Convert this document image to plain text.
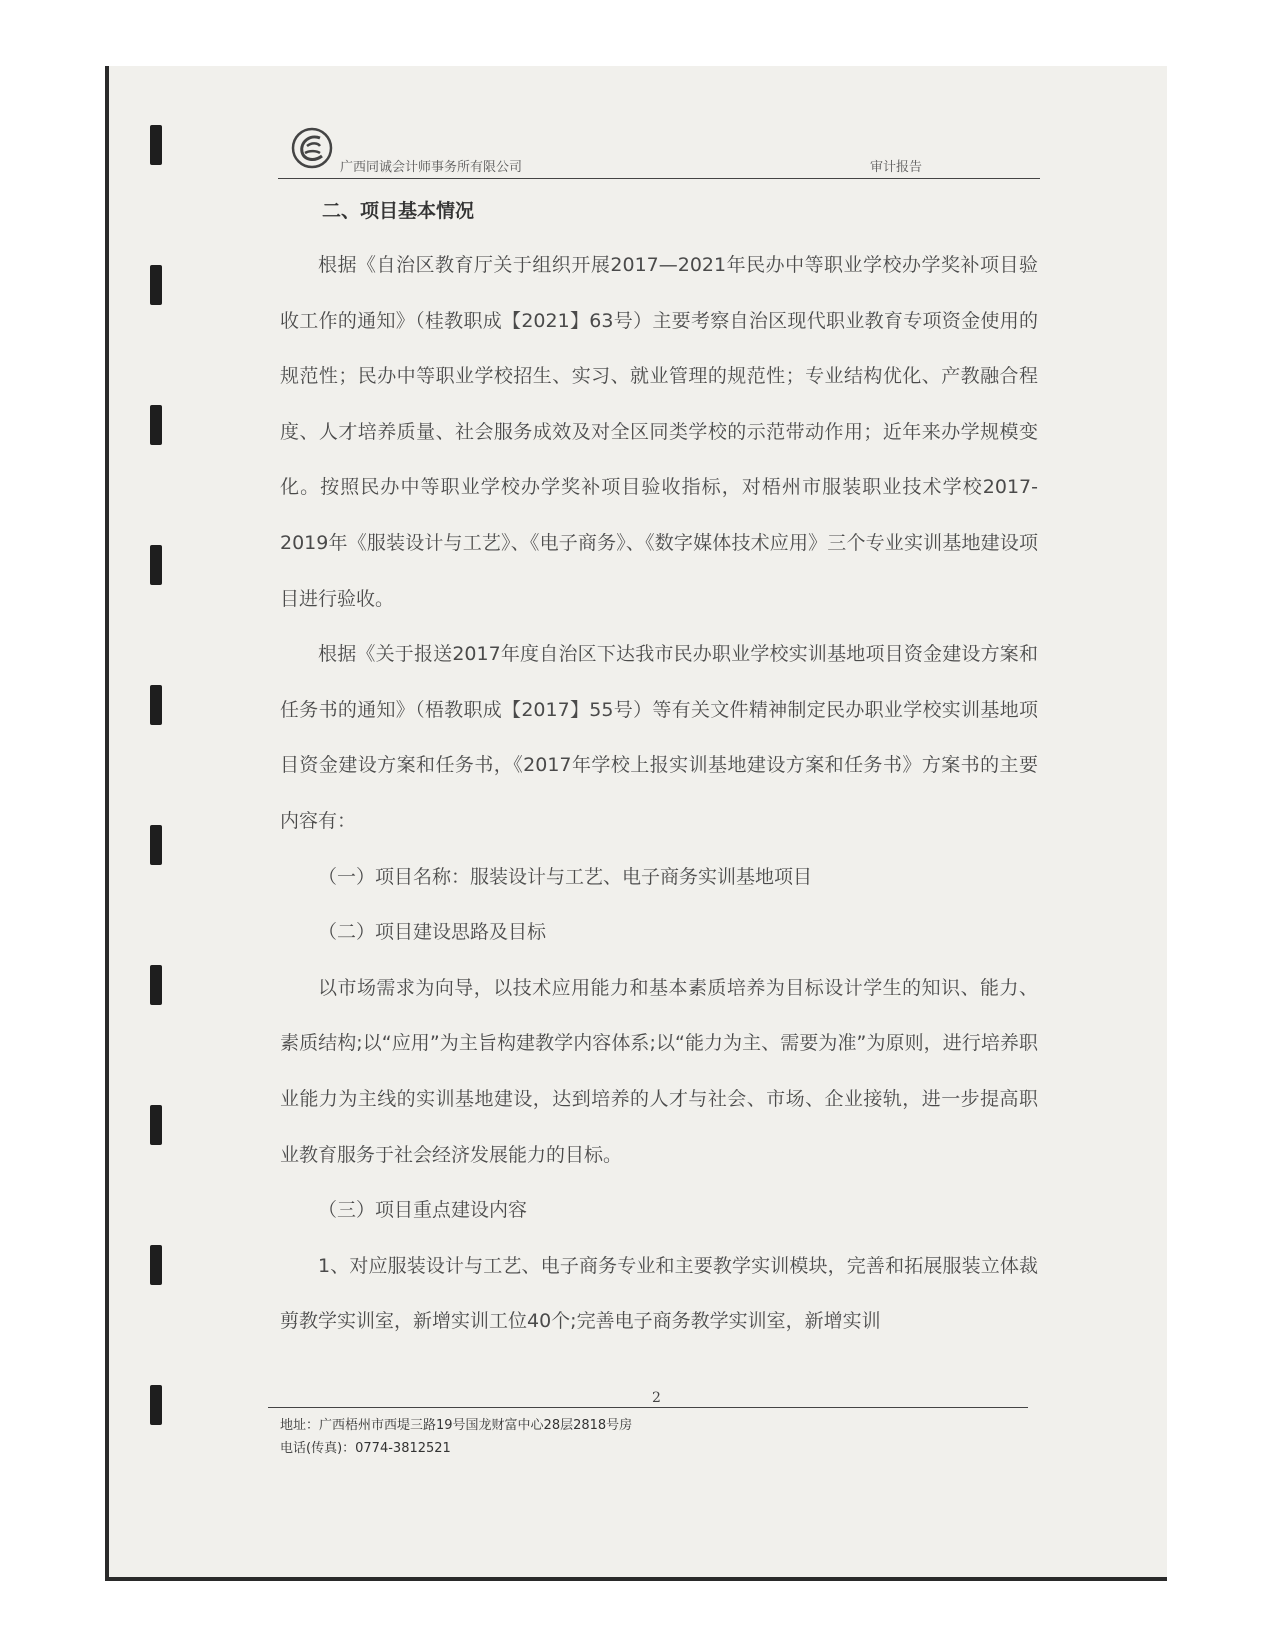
广西同诚会计师事务所有限公司	审计报告
二、项目基本情况

根据《自治区教育厅关于组织开展2017—2021年民办中等职业学校办学奖补项目验收工作的通知》（桂教职成【2021】63号）主要考察自治区现代职业教育专项资金使用的规范性；民办中等职业学校招生、实习、就业管理的规范性；专业结构优化、产教融合程度、人才培养质量、社会服务成效及对全区同类学校的示范带动作用；近年来办学规模变化。按照民办中等职业学校办学奖补项目验收指标，对梧州市服装职业技术学校2017-2019年《服装设计与工艺》、《电子商务》、《数字媒体技术应用》三个专业实训基地建设项目进行验收。

根据《关于报送2017年度自治区下达我市民办职业学校实训基地项目资金建设方案和任务书的通知》（梧教职成【2017】55号）等有关文件精神制定民办职业学校实训基地项目资金建设方案和任务书，《2017年学校上报实训基地建设方案和任务书》方案书的主要内容有：

（一）项目名称：服装设计与工艺、电子商务实训基地项目

（二）项目建设思路及目标

以市场需求为向导，以技术应用能力和基本素质培养为目标设计学生的知识、能力、素质结构;以“应用”为主旨构建教学内容体系;以“能力为主、需要为准”为原则，进行培养职业能力为主线的实训基地建设，达到培养的人才与社会、市场、企业接轨，进一步提高职业教育服务于社会经济发展能力的目标。

（三）项目重点建设内容

1、对应服装设计与工艺、电子商务专业和主要教学实训模块，完善和拓展服装立体裁剪教学实训室，新增实训工位40个;完善电子商务教学实训室，新增实训

2
地址：广西梧州市西堤三路19号国龙财富中心28层2818号房
电话(传真)：0774-3812521
